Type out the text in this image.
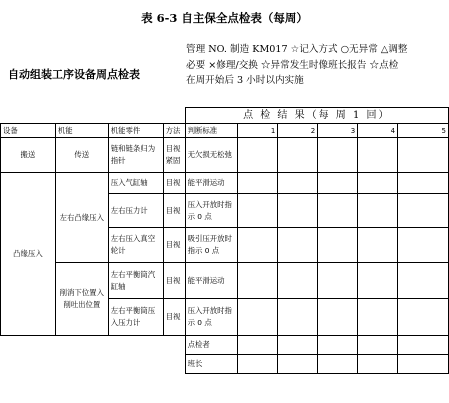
表 6-3 自主保全点检表（每周）
自动组装工序设备周点检表
管理 NO. 制造 KM017 ☆记入方式 ○无异常 △调整
必要 ×修理/交换 ☆异常发生时像班长报告 ☆点检
在周开始后 3 小时以内实施
				点 检 结 果（每 周 1 回）					
设备	机能	机能零件	方法	判断标准	1	2	3	4	5
搬送	传送	链和链条归为指针	目视紧固	无欠损无松弛					
凸缘压入	左右凸缘压入	压入气缸轴	目视	能平滑运动					
		左右压力计	目视	压入开放时指示 0 点					
		左右压入真空轮计	目视	吸引压开放时指示 0 点					
	削消下位置入削吐出位置	左右平衡筒汽缸轴	目视	能平滑运动					
		左右平衡筒压入压力计	目视	压入开放时指示 0 点					
				点检者					
				班长					
